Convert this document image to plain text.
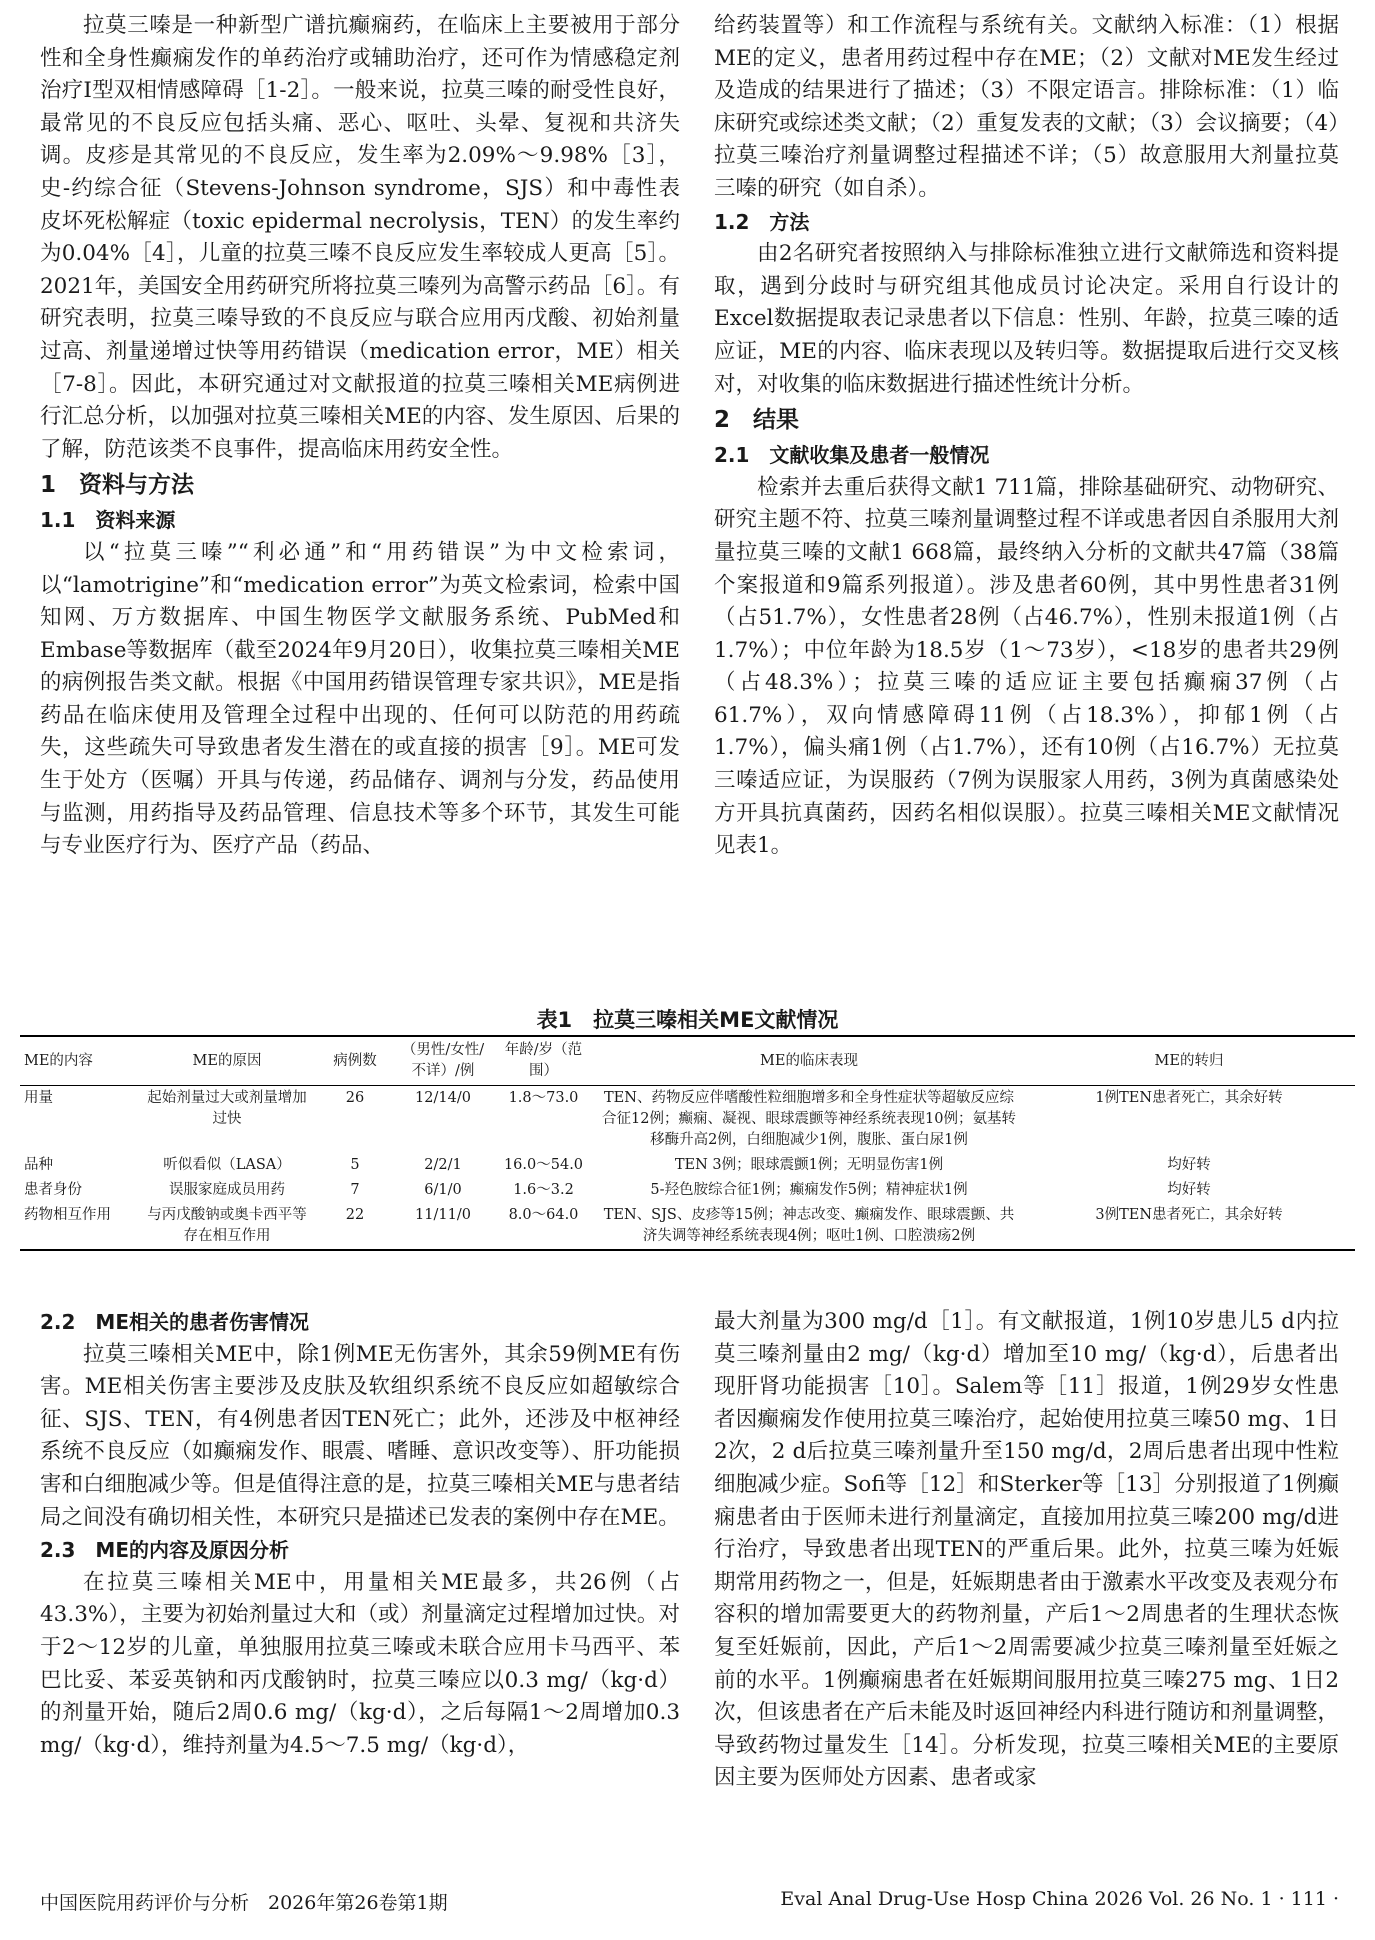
拉莫三嗪是一种新型广谱抗癫痫药，在临床上主要被用于部分性和全身性癫痫发作的单药治疗或辅助治疗，还可作为情感稳定剂治疗Ⅰ型双相情感障碍［1-2］。一般来说，拉莫三嗪的耐受性良好，最常见的不良反应包括头痛、恶心、呕吐、头晕、复视和共济失调。皮疹是其常见的不良反应，发生率为2.09%～9.98%［3］，史-约综合征（Stevens-Johnson syndrome，SJS）和中毒性表皮坏死松解症（toxic epidermal necrolysis，TEN）的发生率约为0.04%［4］，儿童的拉莫三嗪不良反应发生率较成人更高［5］。2021年，美国安全用药研究所将拉莫三嗪列为高警示药品［6］。有研究表明，拉莫三嗪导致的不良反应与联合应用丙戊酸、初始剂量过高、剂量递增过快等用药错误（medication error，ME）相关［7-8］。因此，本研究通过对文献报道的拉莫三嗪相关ME病例进行汇总分析，以加强对拉莫三嗪相关ME的内容、发生原因、后果的了解，防范该类不良事件，提高临床用药安全性。

1　资料与方法
1.1　资料来源

以“拉莫三嗪”“利必通”和“用药错误”为中文检索词，以“lamotrigine”和“medication error”为英文检索词，检索中国知网、万方数据库、中国生物医学文献服务系统、PubMed和Embase等数据库（截至2024年9月20日），收集拉莫三嗪相关ME的病例报告类文献。根据《中国用药错误管理专家共识》，ME是指药品在临床使用及管理全过程中出现的、任何可以防范的用药疏失，这些疏失可导致患者发生潜在的或直接的损害［9］。ME可发生于处方（医嘱）开具与传递，药品储存、调剂与分发，药品使用与监测，用药指导及药品管理、信息技术等多个环节，其发生可能与专业医疗行为、医疗产品（药品、

给药装置等）和工作流程与系统有关。文献纳入标准：（1）根据ME的定义，患者用药过程中存在ME；（2）文献对ME发生经过及造成的结果进行了描述；（3）不限定语言。排除标准：（1）临床研究或综述类文献；（2）重复发表的文献；（3）会议摘要；（4）拉莫三嗪治疗剂量调整过程描述不详；（5）故意服用大剂量拉莫三嗪的研究（如自杀）。

1.2　方法

由2名研究者按照纳入与排除标准独立进行文献筛选和资料提取，遇到分歧时与研究组其他成员讨论决定。采用自行设计的Excel数据提取表记录患者以下信息：性别、年龄，拉莫三嗪的适应证，ME的内容、临床表现以及转归等。数据提取后进行交叉核对，对收集的临床数据进行描述性统计分析。

2　结果
2.1　文献收集及患者一般情况

检索并去重后获得文献1 711篇，排除基础研究、动物研究、研究主题不符、拉莫三嗪剂量调整过程不详或患者因自杀服用大剂量拉莫三嗪的文献1 668篇，最终纳入分析的文献共47篇（38篇个案报道和9篇系列报道）。涉及患者60例，其中男性患者31例（占51.7%），女性患者28例（占46.7%），性别未报道1例（占1.7%）；中位年龄为18.5岁（1～73岁），<18岁的患者共29例（占48.3%）；拉莫三嗪的适应证主要包括癫痫37例（占61.7%），双向情感障碍11例（占18.3%），抑郁1例（占1.7%），偏头痛1例（占1.7%），还有10例（占16.7%）无拉莫三嗪适应证，为误服药（7例为误服家人用药，3例为真菌感染处方开具抗真菌药，因药名相似误服）。拉莫三嗪相关ME文献情况见表1。

表1　拉莫三嗪相关ME文献情况
ME的内容	ME的原因	病例数	（男性/女性/不详）/例	年龄/岁（范围）	ME的临床表现	ME的转归
用量	起始剂量过大或剂量增加过快	26	12/14/0	1.8～73.0	TEN、药物反应伴嗜酸性粒细胞增多和全身性症状等超敏反应综合征12例；癫痫、凝视、眼球震颤等神经系统表现10例；氨基转移酶升高2例，白细胞减少1例，腹胀、蛋白尿1例	1例TEN患者死亡，其余好转
品种	听似看似（LASA）	5	2/2/1	16.0～54.0	TEN 3例；眼球震颤1例；无明显伤害1例	均好转
患者身份	误服家庭成员用药	7	6/1/0	1.6～3.2	5-羟色胺综合征1例；癫痫发作5例；精神症状1例	均好转
药物相互作用	与丙戊酸钠或奥卡西平等存在相互作用	22	11/11/0	8.0～64.0	TEN、SJS、皮疹等15例；神志改变、癫痫发作、眼球震颤、共济失调等神经系统表现4例；呕吐1例、口腔溃疡2例	3例TEN患者死亡，其余好转
2.2　ME相关的患者伤害情况

拉莫三嗪相关ME中，除1例ME无伤害外，其余59例ME有伤害。ME相关伤害主要涉及皮肤及软组织系统不良反应如超敏综合征、SJS、TEN，有4例患者因TEN死亡；此外，还涉及中枢神经系统不良反应（如癫痫发作、眼震、嗜睡、意识改变等）、肝功能损害和白细胞减少等。但是值得注意的是，拉莫三嗪相关ME与患者结局之间没有确切相关性，本研究只是描述已发表的案例中存在ME。

2.3　ME的内容及原因分析

在拉莫三嗪相关ME中，用量相关ME最多，共26例（占43.3%），主要为初始剂量过大和（或）剂量滴定过程增加过快。对于2～12岁的儿童，单独服用拉莫三嗪或未联合应用卡马西平、苯巴比妥、苯妥英钠和丙戊酸钠时，拉莫三嗪应以0.3 mg/（kg·d）的剂量开始，随后2周0.6 mg/（kg·d），之后每隔1～2周增加0.3 mg/（kg·d），维持剂量为4.5～7.5 mg/（kg·d），

最大剂量为300 mg/d［1］。有文献报道，1例10岁患儿5 d内拉莫三嗪剂量由2 mg/（kg·d）增加至10 mg/（kg·d），后患者出现肝肾功能损害［10］。Salem等［11］报道，1例29岁女性患者因癫痫发作使用拉莫三嗪治疗，起始使用拉莫三嗪50 mg、1日2次，2 d后拉莫三嗪剂量升至150 mg/d，2周后患者出现中性粒细胞减少症。Sofi等［12］和Sterker等［13］分别报道了1例癫痫患者由于医师未进行剂量滴定，直接加用拉莫三嗪200 mg/d进行治疗，导致患者出现TEN的严重后果。此外，拉莫三嗪为妊娠期常用药物之一，但是，妊娠期患者由于激素水平改变及表观分布容积的增加需要更大的药物剂量，产后1～2周患者的生理状态恢复至妊娠前，因此，产后1～2周需要减少拉莫三嗪剂量至妊娠之前的水平。1例癫痫患者在妊娠期间服用拉莫三嗪275 mg、1日2次，但该患者在产后未能及时返回神经内科进行随访和剂量调整，导致药物过量发生［14］。分析发现，拉莫三嗪相关ME的主要原因主要为医师处方因素、患者或家

中国医院用药评价与分析　2026年第26卷第1期	Eval Anal Drug-Use Hosp China 2026 Vol. 26 No. 1 · 111 ·
